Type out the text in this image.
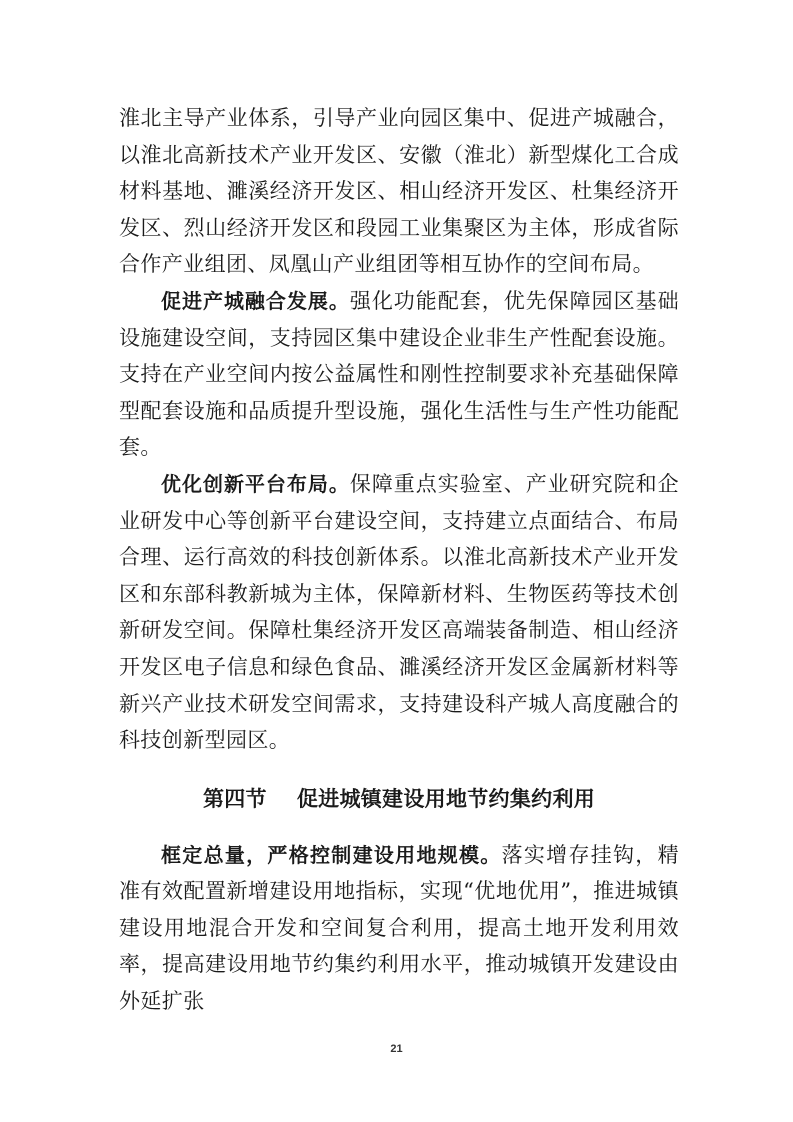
淮北主导产业体系，引导产业向园区集中、促进产城融合，以淮北高新技术产业开发区、安徽（淮北）新型煤化工合成材料基地、濉溪经济开发区、相山经济开发区、杜集经济开发区、烈山经济开发区和段园工业集聚区为主体，形成省际合作产业组团、凤凰山产业组团等相互协作的空间布局。

促进产城融合发展。强化功能配套，优先保障园区基础设施建设空间，支持园区集中建设企业非生产性配套设施。支持在产业空间内按公益属性和刚性控制要求补充基础保障型配套设施和品质提升型设施，强化生活性与生产性功能配套。

优化创新平台布局。保障重点实验室、产业研究院和企业研发中心等创新平台建设空间，支持建立点面结合、布局合理、运行高效的科技创新体系。以淮北高新技术产业开发区和东部科教新城为主体，保障新材料、生物医药等技术创新研发空间。保障杜集经济开发区高端装备制造、相山经济开发区电子信息和绿色食品、濉溪经济开发区金属新材料等新兴产业技术研发空间需求，支持建设科产城人高度融合的科技创新型园区。

第四节 促进城镇建设用地节约集约利用

框定总量，严格控制建设用地规模。落实增存挂钩，精准有效配置新增建设用地指标，实现“优地优用”，推进城镇建设用地混合开发和空间复合利用，提高土地开发利用效率，提高建设用地节约集约利用水平，推动城镇开发建设由外延扩张

21
